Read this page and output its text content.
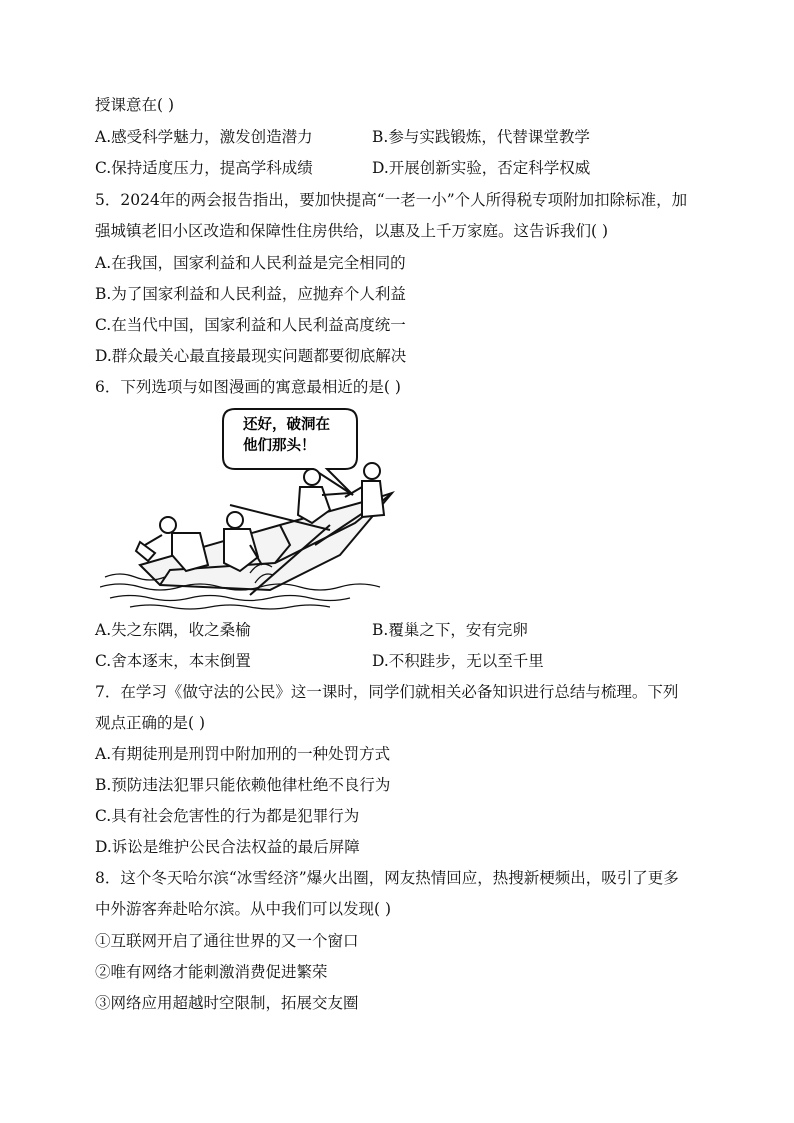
授课意在( )
A.感受科学魅力，激发创造潜力	B.参与实践锻炼，代替课堂教学
C.保持适度压力，提高学科成绩	D.开展创新实验，否定科学权威
5．2024年的两会报告指出，要加快提高“一老一小”个人所得税专项附加扣除标准，加
强城镇老旧小区改造和保障性住房供给，以惠及上千万家庭。这告诉我们( )
A.在我国，国家利益和人民利益是完全相同的
B.为了国家利益和人民利益，应抛弃个人利益
C.在当代中国，国家利益和人民利益高度统一
D.群众最关心最直接最现实问题都要彻底解决
6．下列选项与如图漫画的寓意最相近的是( )
还好，破洞在
他们那头！
A.失之东隅，收之桑榆	B.覆巢之下，安有完卵
C.舍本逐末，本末倒置	D.不积跬步，无以至千里
7．在学习《做守法的公民》这一课时，同学们就相关必备知识进行总结与梳理。下列
观点正确的是( )
A.有期徒刑是刑罚中附加刑的一种处罚方式
B.预防违法犯罪只能依赖他律杜绝不良行为
C.具有社会危害性的行为都是犯罪行为
D.诉讼是维护公民合法权益的最后屏障
8．这个冬天哈尔滨“冰雪经济”爆火出圈，网友热情回应，热搜新梗频出，吸引了更多
中外游客奔赴哈尔滨。从中我们可以发现( )
①互联网开启了通往世界的又一个窗口
②唯有网络才能刺激消费促进繁荣
③网络应用超越时空限制，拓展交友圈
